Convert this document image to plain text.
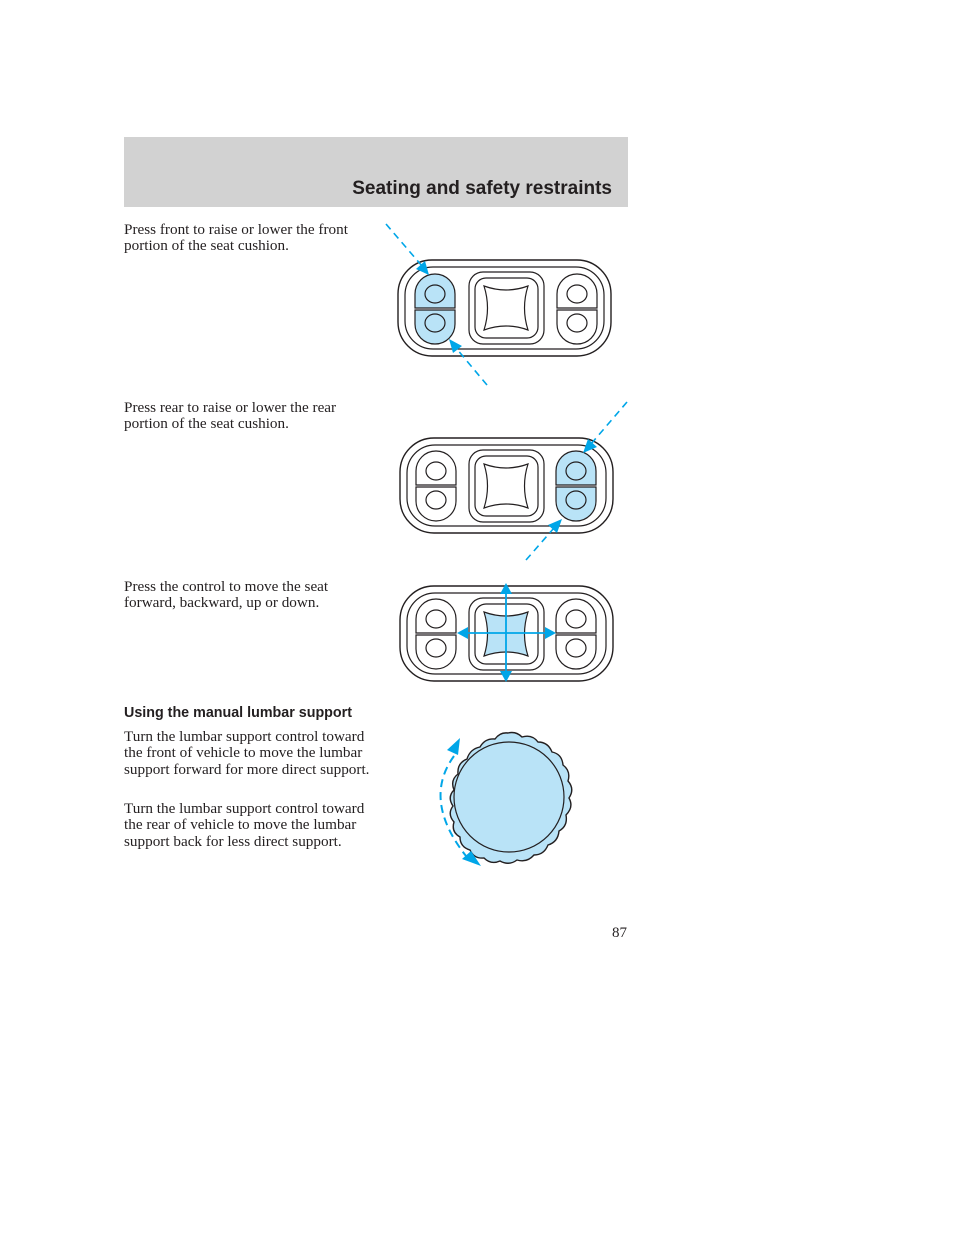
Seating and safety restraints

Press front to raise or lower the front portion of the seat cushion.

Press rear to raise or lower the rear portion of the seat cushion.

Press the control to move the seat forward, backward, up or down.

Using the manual lumbar support

Turn the lumbar support control toward the front of vehicle to move the lumbar support forward for more direct support.

Turn the lumbar support control toward the rear of vehicle to move the lumbar support back for less direct support.

87
